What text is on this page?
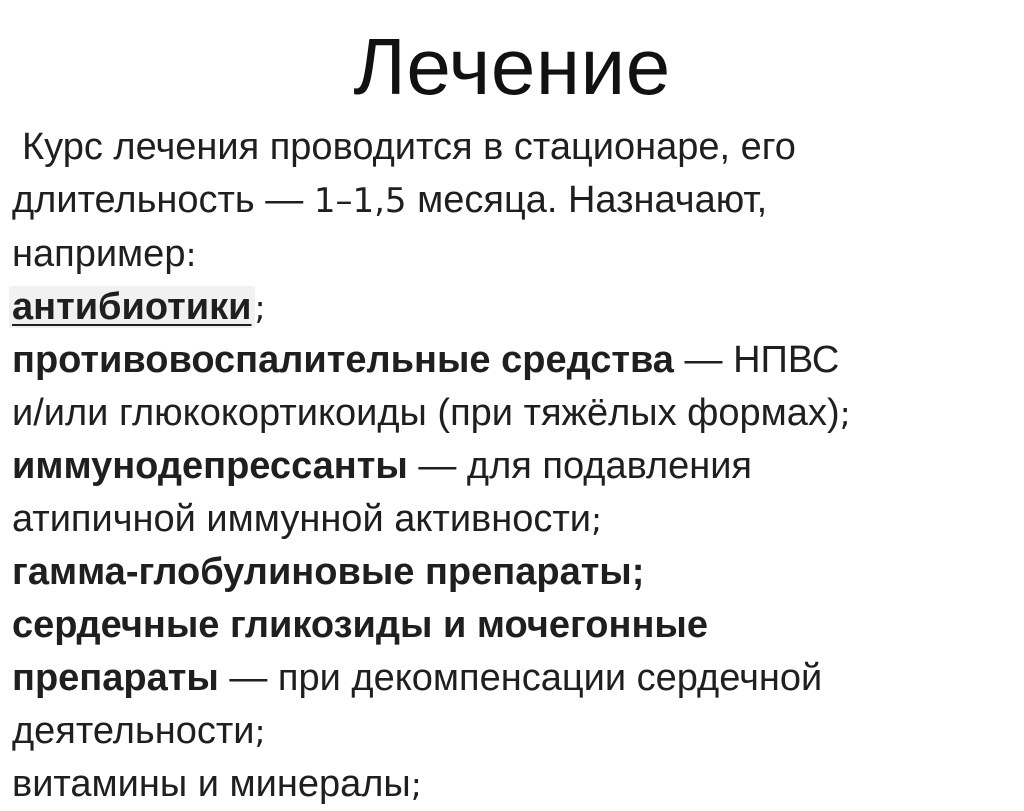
Лечение
Курс лечения проводится в стационаре, его
длительность — 1–1,5 месяца. Назначают,
например:
антибиотики;
противовоспалительные средства — НПВС
и/или глюкокортикоиды (при тяжёлых формах);
иммунодепрессанты — для подавления
атипичной иммунной активности;
гамма-глобулиновые препараты;
сердечные гликозиды и мочегонные
препараты — при декомпенсации сердечной
деятельности;
витамины и минералы;
